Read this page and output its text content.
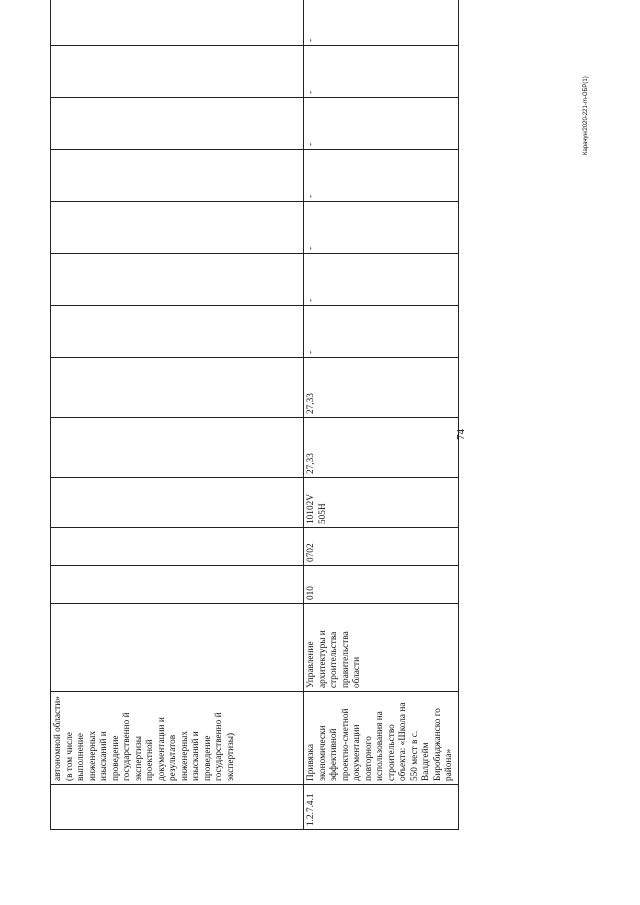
74
Карачун/2020-221-m-OБР(1)
	автономной области» (в том числе выполнение инженерных изысканий и проведение государственно й экспертизы проектной документации и результатов инженерных изысканий и проведение государственно й экспертизы)													
1.2.7.4.1	Привязка экономически эффективной проектно-сметной документации повторного использования на строительство объекта: «Школа на 550 мест в с. Валдгейм Биробиджанско го района»	Управление архитектуры и строительства правительства области	010	0702	10102V 505Н	27,33	27,33	-	-	-	-	-	-	-
